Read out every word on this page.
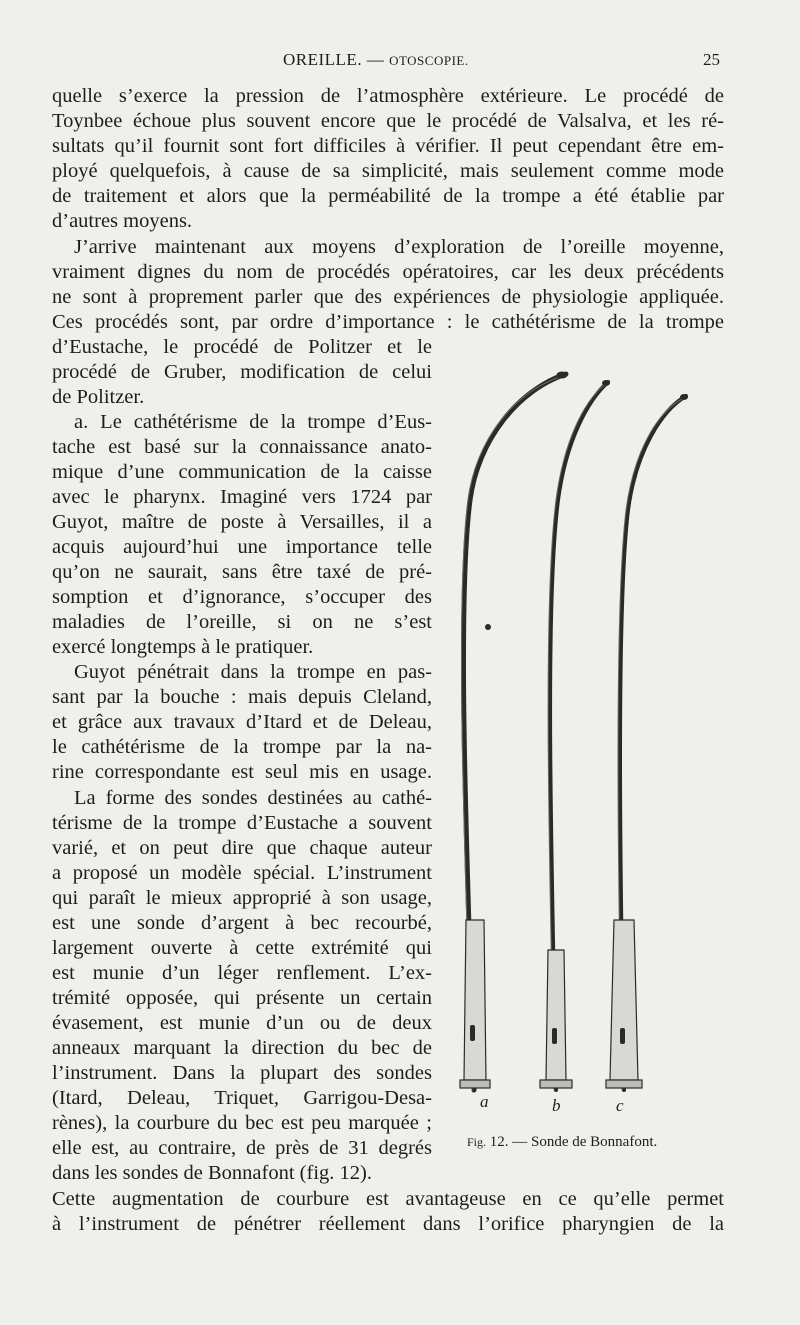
OREILLE. — OTOSCOPIE.	25
quelle s’exerce la pression de l’atmosphère extérieure. Le procédé de
Toynbee échoue plus souvent encore que le procédé de Valsalva, et les ré-
sultats qu’il fournit sont fort difficiles à vérifier. Il peut cependant être em-
ployé quelquefois, à cause de sa simplicité, mais seulement comme mode
de traitement et alors que la perméabilité de la trompe a été établie par
d’autres moyens.
J’arrive maintenant aux moyens d’exploration de l’oreille moyenne,
vraiment dignes du nom de procédés opératoires, car les deux précédents
ne sont à proprement parler que des expériences de physiologie appliquée.
Ces procédés sont, par ordre d’importance : le cathétérisme de la trompe
d’Eustache, le procédé de Politzer et le
procédé de Gruber, modification de celui
de Politzer.
a. Le cathétérisme de la trompe d’Eus-
tache est basé sur la connaissance anato-
mique d’une communication de la caisse
avec le pharynx. Imaginé vers 1724 par
Guyot, maître de poste à Versailles, il a
acquis aujourd’hui une importance telle
qu’on ne saurait, sans être taxé de pré-
somption et d’ignorance, s’occuper des
maladies de l’oreille, si on ne s’est
exercé longtemps à le pratiquer.
Guyot pénétrait dans la trompe en pas-
sant par la bouche : mais depuis Cleland,
et grâce aux travaux d’Itard et de Deleau,
le cathétérisme de la trompe par la na-
rine correspondante est seul mis en usage.
La forme des sondes destinées au cathé-
térisme de la trompe d’Eustache a souvent
varié, et on peut dire que chaque auteur
a proposé un modèle spécial. L’instrument
qui paraît le mieux approprié à son usage,
est une sonde d’argent à bec recourbé,
largement ouverte à cette extrémité qui
est munie d’un léger renflement. L’ex-
trémité opposée, qui présente un certain
évasement, est munie d’un ou de deux
anneaux marquant la direction du bec de
l’instrument. Dans la plupart des sondes
(Itard, Deleau, Triquet, Garrigou-Desa-
rènes), la courbure du bec est peu marquée ;
elle est, au contraire, de près de 31 degrés
dans les sondes de Bonnafont (fig. 12).
Cette augmentation de courbure est avantageuse en ce qu’elle permet
à l’instrument de pénétrer réellement dans l’orifice pharyngien de la
a	b	c
Fig. 12. — Sonde de Bonnafont.
